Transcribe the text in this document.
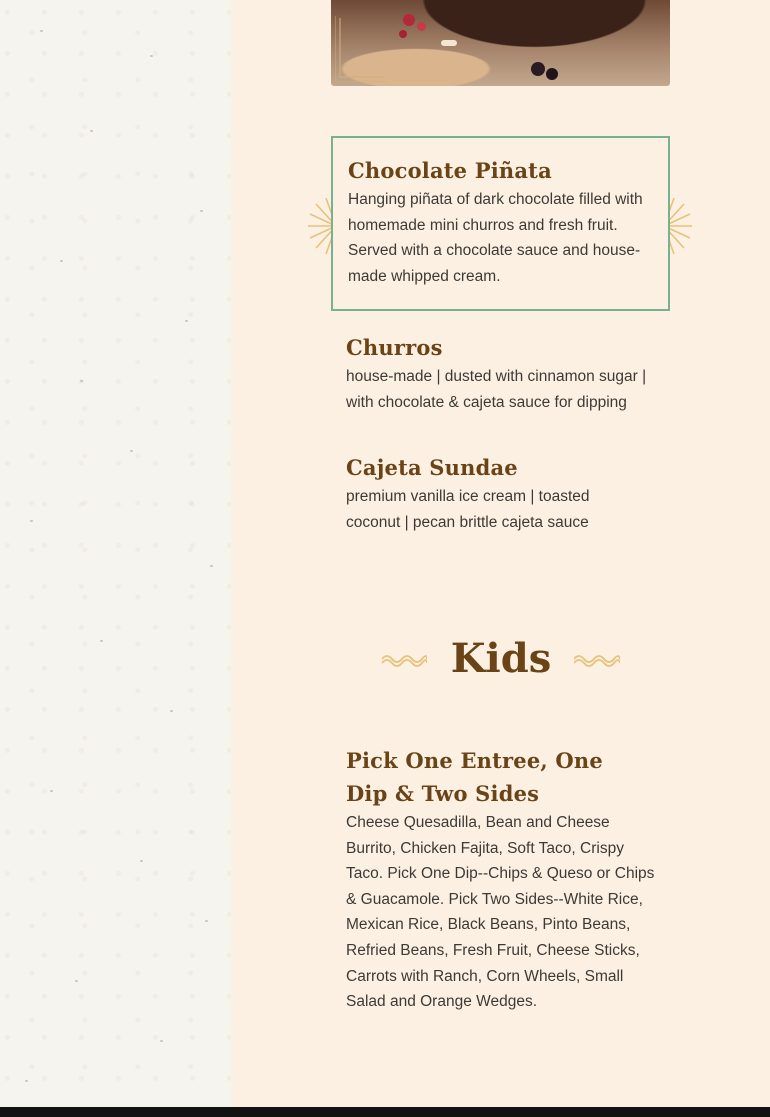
Chocolate Piñata
Hanging piñata of dark chocolate filled with homemade mini churros and fresh fruit. Served with a chocolate sauce and house-made whipped cream.
Churros
house-made | dusted with cinnamon sugar | with chocolate & cajeta sauce for dipping
Cajeta Sundae
premium vanilla ice cream | toasted coconut | pecan brittle cajeta sauce
Kids
Pick One Entree, One Dip & Two Sides
Cheese Quesadilla, Bean and Cheese Burrito, Chicken Fajita, Soft Taco, Crispy Taco. Pick One Dip--Chips & Queso or Chips & Guacamole. Pick Two Sides--White Rice, Mexican Rice, Black Beans, Pinto Beans, Refried Beans, Fresh Fruit, Cheese Sticks, Carrots with Ranch, Corn Wheels, Small Salad and Orange Wedges.
